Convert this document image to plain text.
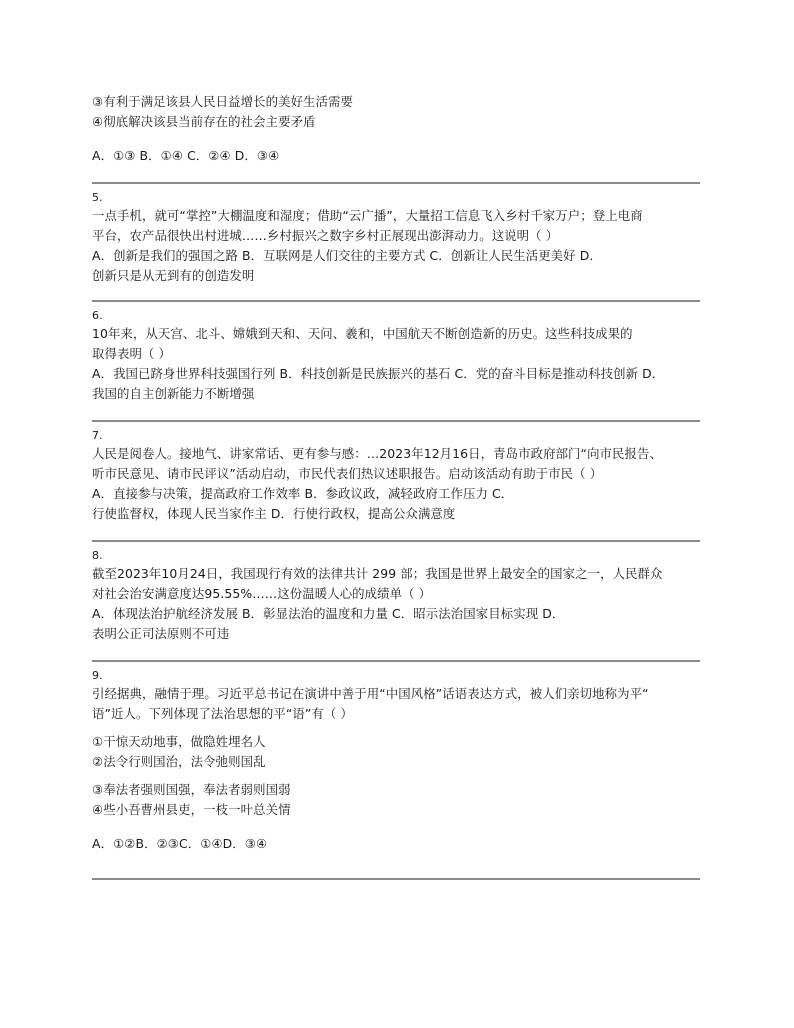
③有利于满足该县人民日益增长的美好生活需要
④彻底解决该县当前存在的社会主要矛盾
A．①③ B．①④ C．②④ D．③④
5.
一点手机，就可“掌控”大棚温度和湿度；借助“云广播”，大量招工信息飞入乡村千家万户；登上电商
平台，农产品很快出村进城……乡村振兴之数字乡村正展现出澎湃动力。这说明（ ）
A．创新是我们的强国之路 B．互联网是人们交往的主要方式 C．创新让人民生活更美好 D．
创新只是从无到有的创造发明
6.
10年来，从天宫、北斗、嫦娥到天和、天问、羲和，中国航天不断创造新的历史。这些科技成果的
取得表明（ ）
A．我国已跻身世界科技强国行列 B．科技创新是民族振兴的基石 C．党的奋斗目标是推动科技创新 D．
我国的自主创新能力不断增强
7.
人民是阅卷人。接地气、讲家常话、更有参与感：…2023年12月16日，青岛市政府部门“向市民报告、
听市民意见、请市民评议”活动启动，市民代表们热议述职报告。启动该活动有助于市民（ ）
A．直接参与决策，提高政府工作效率 B．参政议政，减轻政府工作压力 C．
行使监督权，体现人民当家作主 D．行使行政权，提高公众满意度
8.
截至2023年10月24日，我国现行有效的法律共计 299 部；我国是世界上最安全的国家之一，人民群众
对社会治安满意度达95.55%……这份温暖人心的成绩单（ ）
A．体现法治护航经济发展 B．彰显法治的温度和力量 C．昭示法治国家目标实现 D．
表明公正司法原则不可违
9.
引经据典，融情于理。习近平总书记在演讲中善于用“中国风格”话语表达方式，被人们亲切地称为平“
语”近人。下列体现了法治思想的平“语”有（ ）
①干惊天动地事，做隐姓埋名人
②法令行则国治，法令弛则国乱
③奉法者强则国强，奉法者弱则国弱
④些小吾曹州县吏，一枝一叶总关情
A．①②B．②③C．①④D．③④
